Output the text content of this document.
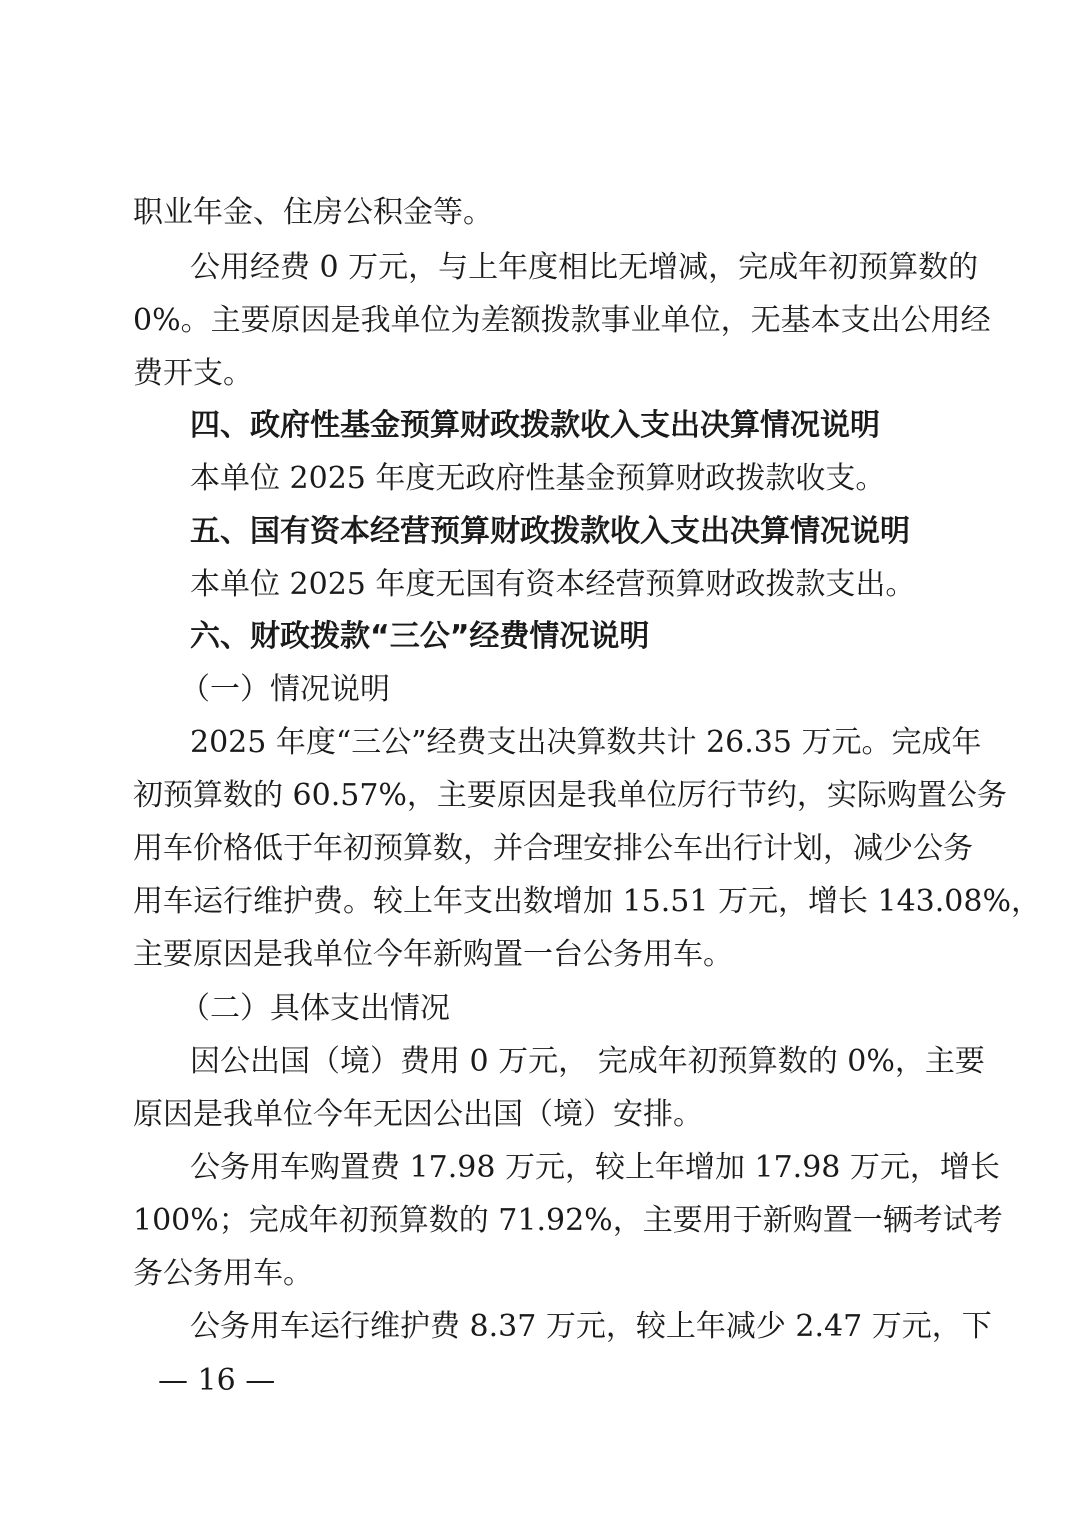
职业年金、住房公积金等。
公用经费 0 万元，与上年度相比无增减，完成年初预算数的
0%。主要原因是我单位为差额拨款事业单位，无基本支出公用经
费开支。
四、政府性基金预算财政拨款收入支出决算情况说明
本单位 2025 年度无政府性基金预算财政拨款收支。
五、国有资本经营预算财政拨款收入支出决算情况说明
本单位 2025 年度无国有资本经营预算财政拨款支出。
六、财政拨款“三公”经费情况说明
（一）情况说明
2025 年度“三公”经费支出决算数共计 26.35 万元。完成年
初预算数的 60.57%，主要原因是我单位厉行节约，实际购置公务
用车价格低于年初预算数，并合理安排公车出行计划，减少公务
用车运行维护费。较上年支出数增加 15.51 万元，增长 143.08%，
主要原因是我单位今年新购置一台公务用车。
（二）具体支出情况
因公出国（境）费用 0 万元， 完成年初预算数的 0%，主要
原因是我单位今年无因公出国（境）安排。
公务用车购置费 17.98 万元，较上年增加 17.98 万元，增长
100%；完成年初预算数的 71.92%，主要用于新购置一辆考试考
务公务用车。
公务用车运行维护费 8.37 万元，较上年减少 2.47 万元，下
— 16 —
